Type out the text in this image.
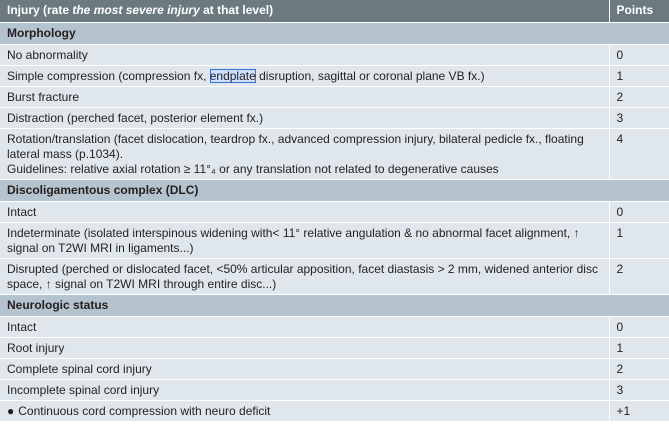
Injury (rate the most severe injury at that level)	Points
Morphology	
No abnormality	0
Simple compression (compression fx, endplate disruption, sagittal or coronal plane VB fx.)	1
Burst fracture	2
Distraction (perched facet, posterior element fx.)	3

Rotation/translation (facet dislocation, teardrop fx., advanced compression injury, bilateral pedicle fx., floating lateral mass (p.1034).
Guidelines: relative axial rotation ≥ 11°₄ or any translation not related to degenerative causes	4
Discoligamentous complex (DLC)	
Intact	0
Indeterminate (isolated interspinous widening with< 11° relative angulation & no abnormal facet alignment, ↑ signal on T2WI MRI in ligaments...)	1
Disrupted (perched or dislocated facet, <50% articular apposition, facet diastasis > 2 mm, widened anterior disc space, ↑ signal on T2WI MRI through entire disc...)	2
Neurologic status	
Intact	0
Root injury	1
Complete spinal cord injury	2
Incomplete spinal cord injury	3
● Continuous cord compression with neuro deficit	+1
